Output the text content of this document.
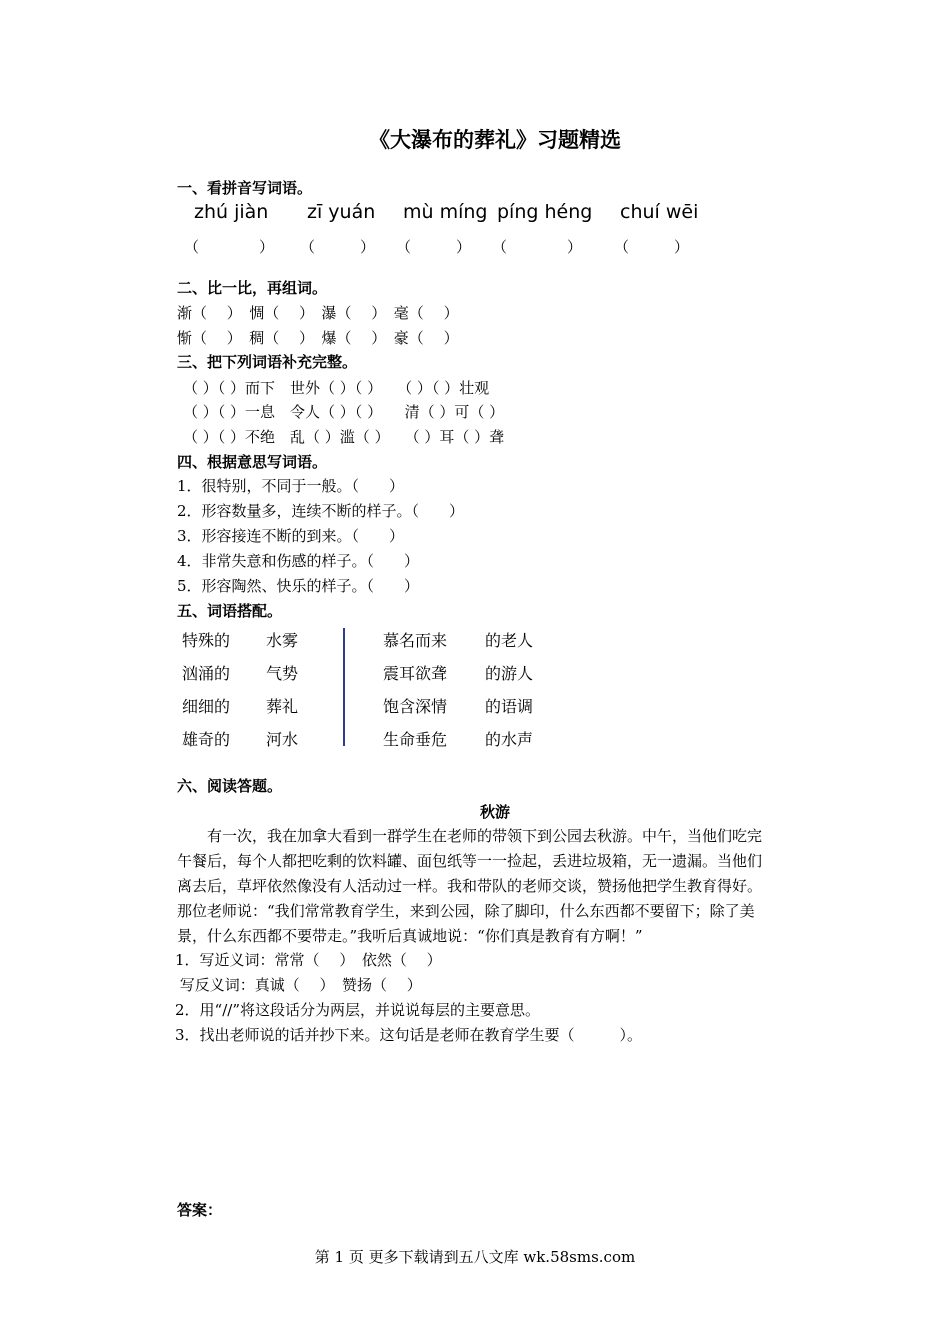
《大瀑布的葬礼》习题精选
一、看拼音写词语。
zhú jiàn zī yuán mù míng píng héng chuí wēi
（　　　　） （　　　） （　　　） （　　　　） （　　　）
二、比一比，再组词。
渐（　 ）　惆（　 ）　瀑（　 ）　毫（　 ）
惭（　 ）　稠（　 ）　爆（　 ）　豪（　 ）
三、把下列词语补充完整。
（ ）（ ）而下　世外（ ）（ ）　　（ ）（ ）壮观
（ ）（ ）一息　令人（ ）（ ）　　清（ ）可（ ）
（ ）（ ）不绝　乱（ ）滥（ ）　　（ ）耳（ ）聋
四、根据意思写词语。
1．很特别，不同于一般。（　　）
2．形容数量多，连续不断的样子。（　　）
3．形容接连不断的到来。（　　）
4．非常失意和伤感的样子。（　　）
5．形容陶然、快乐的样子。（　　）
五、词语搭配。
特殊的
汹涌的
细细的
雄奇的
水雾
气势
葬礼
河水
慕名而来
震耳欲聋
饱含深情
生命垂危
的老人
的游人
的语调
的水声
六、阅读答题。
秋游
　　有一次，我在加拿大看到一群学生在老师的带领下到公园去秋游。中午，当他们吃完
午餐后，每个人都把吃剩的饮料罐、面包纸等一一捡起，丢进垃圾箱，无一遗漏。当他们
离去后，草坪依然像没有人活动过一样。我和带队的老师交谈，赞扬他把学生教育得好。
那位老师说：“我们常常教育学生，来到公园，除了脚印，什么东西都不要留下；除了美
景，什么东西都不要带走。”我听后真诚地说：“你们真是教育有方啊！”
　　1．写近义词：常常（　 ）　依然（　 ）
　　 写反义词：真诚（　 ）　赞扬（　 ）
　　2．用“//”将这段话分为两层，并说说每层的主要意思。
　　3．找出老师说的话并抄下来。这句话是老师在教育学生要（　　　）。
答案：
第 1 页 更多下载请到五八文库 wk.58sms.com
